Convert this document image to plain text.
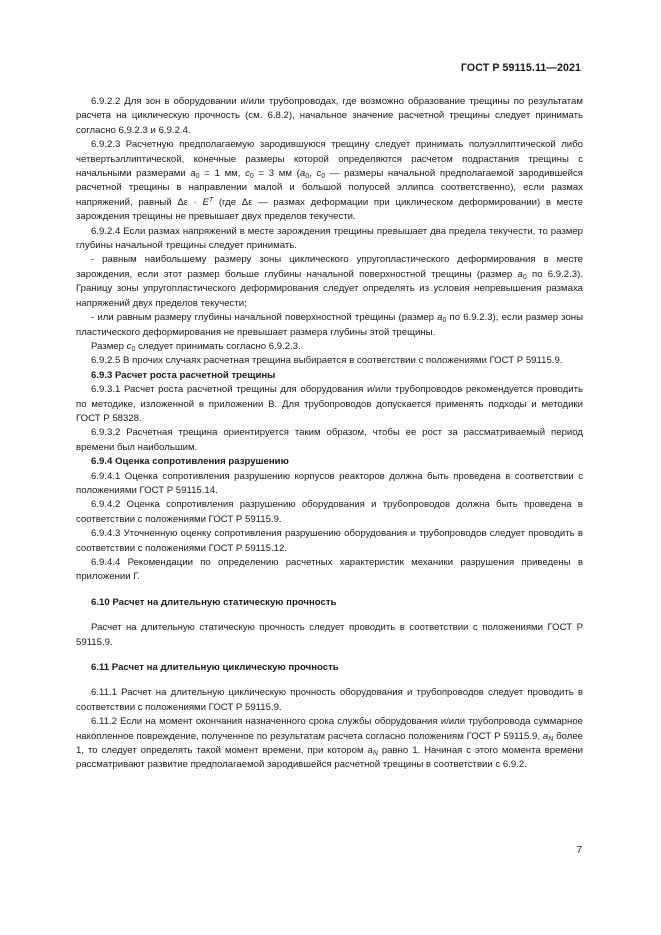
ГОСТ Р 59115.11—2021

6.9.2.2 Для зон в оборудовании и/или трубопроводах, где возможно образование трещины по результатам расчета на циклическую прочность (см. 6.8.2), начальное значение расчетной трещины следует принимать согласно 6.9.2.3 и 6.9.2.4.

6.9.2.3 Расчетную предполагаемую зародившуюся трещину следует принимать полуэллиптической либо четвертьэллиптической, конечные размеры которой определяются расчетом подрастания трещины с начальными размерами $a_0 = 1$ мм, $c_0 = 3$ мм ($a_0$, $c_0$ — размеры начальной предполагаемой зародившейся расчетной трещины в направлении малой и большой полуосей эллипса соответственно), если размах напряжений, равный $\Delta\varepsilon \cdot E^T$ (где Δε — размах деформации при циклическом деформировании) в месте зарождения трещины не превышает двух пределов текучести.

6.9.2.4 Если размах напряжений в месте зарождения трещины превышает два предела текучести, то размер глубины начальной трещины следует принимать.

- равным наибольшему размеру зоны циклического упругопластического деформирования в месте зарождения, если этот размер больше глубины начальной поверхностной трещины (размер $a_0$ по 6.9.2.3). Границу зоны упругопластического деформирования следует определять из условия непревышения размаха напряжений двух пределов текучести;

- или равным размеру глубины начальной поверхностной трещины (размер $a_0$ по 6.9.2.3), если размер зоны пластического деформирования не превышает размера глубины этой трещины.

Размер $c_0$ следует принимать согласно 6.9.2.3.

6.9.2.5 В прочих случаях расчетная трещина выбирается в соответствии с положениями ГОСТ Р 59115.9.

6.9.3 Расчет роста расчетной трещины

6.9.3.1 Расчет роста расчетной трещины для оборудования и/или трубопроводов рекомендуется проводить по методике, изложенной в приложении В. Для трубопроводов допускается применять подходы и методики ГОСТ Р 58328.

6.9.3.2 Расчетная трещина ориентируется таким образом, чтобы ее рост за рассматриваемый период времени был наибольшим.

6.9.4 Оценка сопротивления разрушению

6.9.4.1 Оценка сопротивления разрушению корпусов реакторов должна быть проведена в соответствии с положениями ГОСТ Р 59115.14.

6.9.4.2 Оценка сопротивления разрушению оборудования и трубопроводов должна быть проведена в соответствии с положениями ГОСТ Р 59115.9.

6.9.4.3 Уточненную оценку сопротивления разрушению оборудования и трубопроводов следует проводить в соответствии с положениями ГОСТ Р 59115.12.

6.9.4.4 Рекомендации по определению расчетных характеристик механики разрушения приведены в приложении Г.

6.10 Расчет на длительную статическую прочность

Расчет на длительную статическую прочность следует проводить в соответствии с положениями ГОСТ Р 59115.9.

6.11 Расчет на длительную циклическую прочность

6.11.1 Расчет на длительную циклическую прочность оборудования и трубопроводов следует проводить в соответствии с положениями ГОСТ Р 59115.9.

6.11.2 Если на момент окончания назначенного срока службы оборудования и/или трубопровода суммарное накопленное повреждение, полученное по результатам расчета согласно положениям ГОСТ Р 59115.9, $a_N$ более 1, то следует определять такой момент времени, при котором $a_N$ равно 1. Начиная с этого момента времени рассматривают развитие предполагаемой зародившейся расчетной трещины в соответствии с 6.9.2.

7
